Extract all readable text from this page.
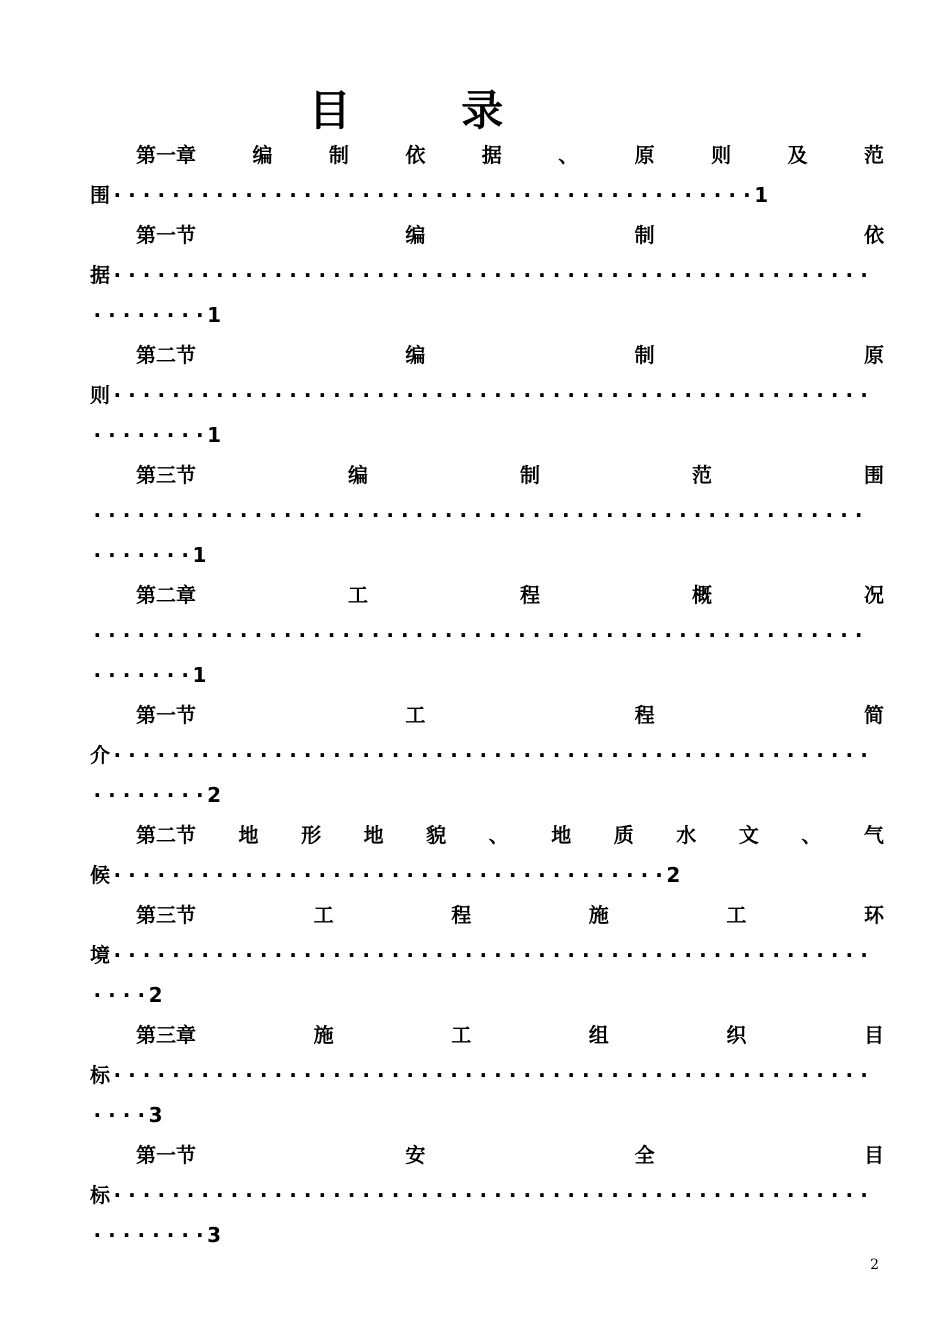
目 录
第一章	编	制	依	据	、	原	则	及	范
围 · · · · · · · · · · · · · · · · · · · · · · · · · · · · · · · · · · · · · · · · · · · · 1
第一节	编	制	依
据 · · · · · · · · · · · · · · · · · · · · · · · · · · · · · · · · · · · · · · · · · · · · · · · · · · · ·
· · · · · · · · 1
第二节	编	制	原
则 · · · · · · · · · · · · · · · · · · · · · · · · · · · · · · · · · · · · · · · · · · · · · · · · · · · ·
· · · · · · · · 1
第三节	编	制	范	围
· · · · · · · · · · · · · · · · · · · · · · · · · · · · · · · · · · · · · · · · · · · · · · · · · · · · ·
· · · · · · · 1
第二章	工	程	概	况
· · · · · · · · · · · · · · · · · · · · · · · · · · · · · · · · · · · · · · · · · · · · · · · · · · · · ·
· · · · · · · 1
第一节	工	程	简
介 · · · · · · · · · · · · · · · · · · · · · · · · · · · · · · · · · · · · · · · · · · · · · · · · · · · ·
· · · · · · · · 2
第二节 地 形 地 貌 、 地 质 水 文 、 气
候 · · · · · · · · · · · · · · · · · · · · · · · · · · · · · · · · · · · · · · 2
第三节	工	程	施	工	环
境 · · · · · · · · · · · · · · · · · · · · · · · · · · · · · · · · · · · · · · · · · · · · · · · · · · · ·
· · · · 2
第三章	施	工	组	织	目
标 · · · · · · · · · · · · · · · · · · · · · · · · · · · · · · · · · · · · · · · · · · · · · · · · · · · ·
· · · · 3
第一节	安	全	目
标 · · · · · · · · · · · · · · · · · · · · · · · · · · · · · · · · · · · · · · · · · · · · · · · · · · · ·
· · · · · · · · 3
2
